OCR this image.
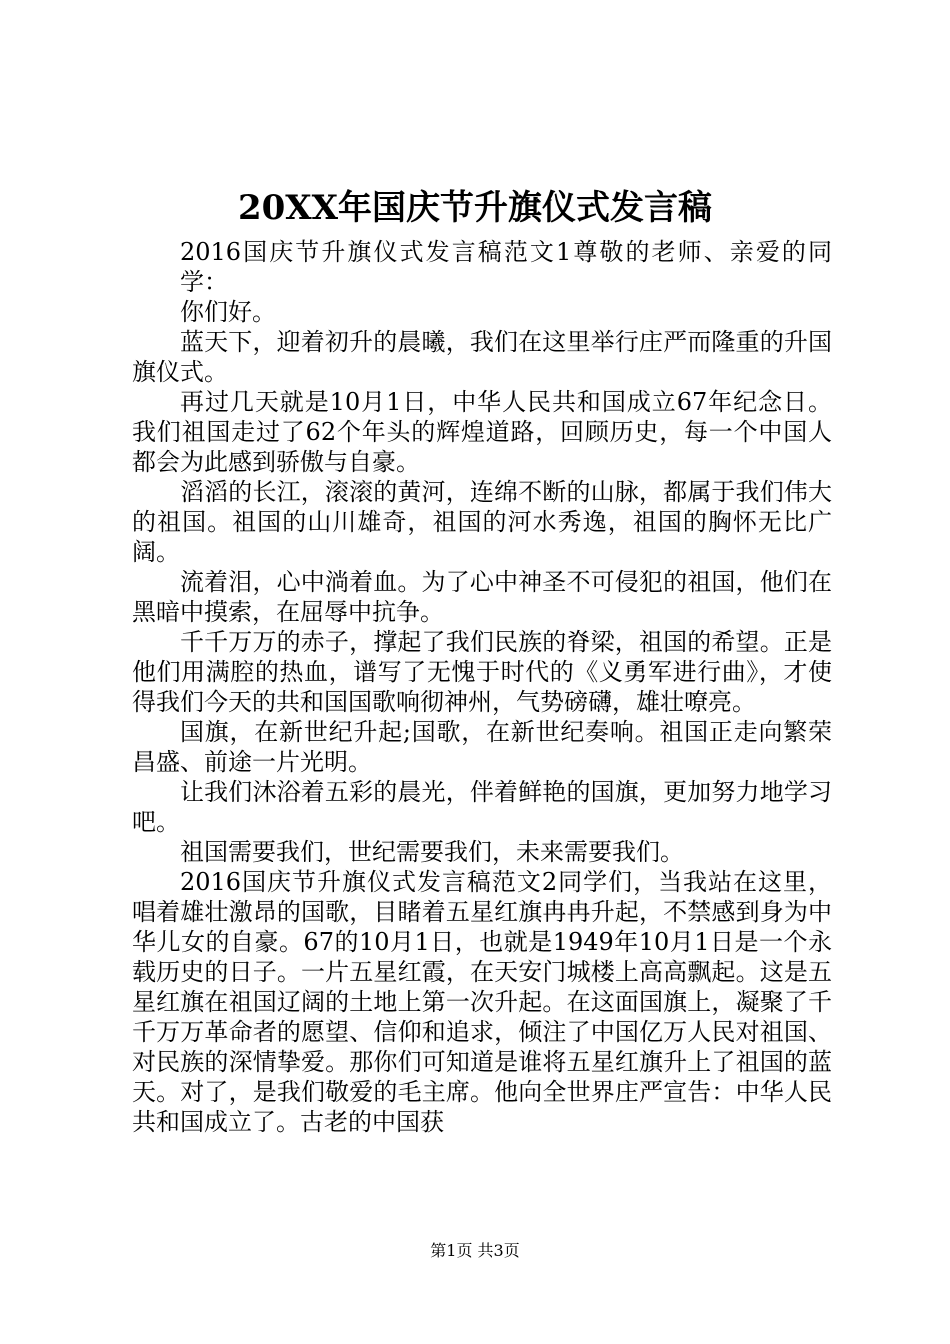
20XX年国庆节升旗仪式发言稿

2016国庆节升旗仪式发言稿范文1尊敬的老师、亲爱的同学：

你们好。

蓝天下，迎着初升的晨曦，我们在这里举行庄严而隆重的升国旗仪式。

再过几天就是10月1日，中华人民共和国成立67年纪念日。我们祖国走过了62个年头的辉煌道路，回顾历史，每一个中国人都会为此感到骄傲与自豪。

滔滔的长江，滚滚的黄河，连绵不断的山脉，都属于我们伟大的祖国。祖国的山川雄奇，祖国的河水秀逸，祖国的胸怀无比广阔。

流着泪，心中淌着血。为了心中神圣不可侵犯的祖国，他们在黑暗中摸索，在屈辱中抗争。

千千万万的赤子，撑起了我们民族的脊梁，祖国的希望。正是他们用满腔的热血，谱写了无愧于时代的《义勇军进行曲》，才使得我们今天的共和国国歌响彻神州，气势磅礴，雄壮嘹亮。

国旗，在新世纪升起;国歌，在新世纪奏响。祖国正走向繁荣昌盛、前途一片光明。

让我们沐浴着五彩的晨光，伴着鲜艳的国旗，更加努力地学习吧。

祖国需要我们，世纪需要我们，未来需要我们。

2016国庆节升旗仪式发言稿范文2同学们，当我站在这里，唱着雄壮激昂的国歌，目睹着五星红旗冉冉升起，不禁感到身为中华儿女的自豪。67的10月1日，也就是1949年10月1日是一个永载历史的日子。一片五星红霞，在天安门城楼上高高飘起。这是五星红旗在祖国辽阔的土地上第一次升起。在这面国旗上，凝聚了千千万万革命者的愿望、信仰和追求，倾注了中国亿万人民对祖国、对民族的深情挚爱。那你们可知道是谁将五星红旗升上了祖国的蓝天。对了，是我们敬爱的毛主席。他向全世界庄严宣告：中华人民共和国成立了。古老的中国获

第1页 共3页
